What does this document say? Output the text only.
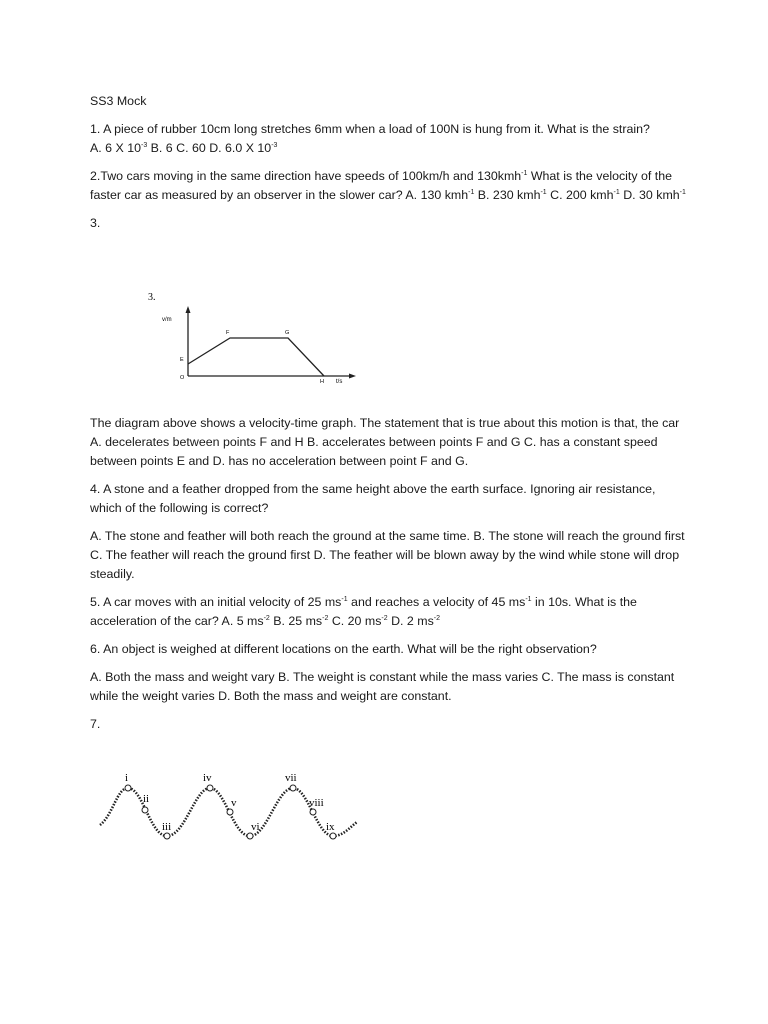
SS3 Mock

1. A piece of rubber 10cm long stretches 6mm when a load of 100N is hung from it. What is the strain?
A. 6 X $10^{-3}$ B. 6 C. 60 D. 6.0 X $10^{-3}$

2.Two cars moving in the same direction have speeds of 100km/h and 130kmh$^{-1}$ What is the velocity of the faster car as measured by an observer in the slower car? A. 130 kmh$^{-1}$ B. 230 kmh$^{-1}$ C. 200 kmh$^{-1}$ D. 30 kmh$^{-1}$

3.

The diagram above shows a velocity-time graph. The statement that is true about this motion is that, the car A. decelerates between points F and H B. accelerates between points F and G C. has a constant speed between points E and D. has no acceleration between point F and G.

4. A stone and a feather dropped from the same height above the earth surface. Ignoring air resistance, which of the following is correct?

A. The stone and feather will both reach the ground at the same time. B. The stone will reach the ground first C. The feather will reach the ground first D. The feather will be blown away by the wind while stone will drop steadily.

5. A car moves with an initial velocity of 25 $ms^{-1}$ and reaches a velocity of 45 $ms^{-1}$ in 10s. What is the acceleration of the car? A. 5 $ms^{-2}$ B. 25 $ms^{-2}$ C. 20 $ms^{-2}$ D. 2 $ms^{-2}$

6. An object is weighed at different locations on the earth. What will be the right observation?

A. Both the mass and weight vary B. The weight is constant while the mass varies C. The mass is constant while the weight varies D. Both the mass and weight are constant.

7.

3.
v/m
t/s
O
E
F	G
H
i
ii
iii
iv
v
vi
vii
viii
ix
